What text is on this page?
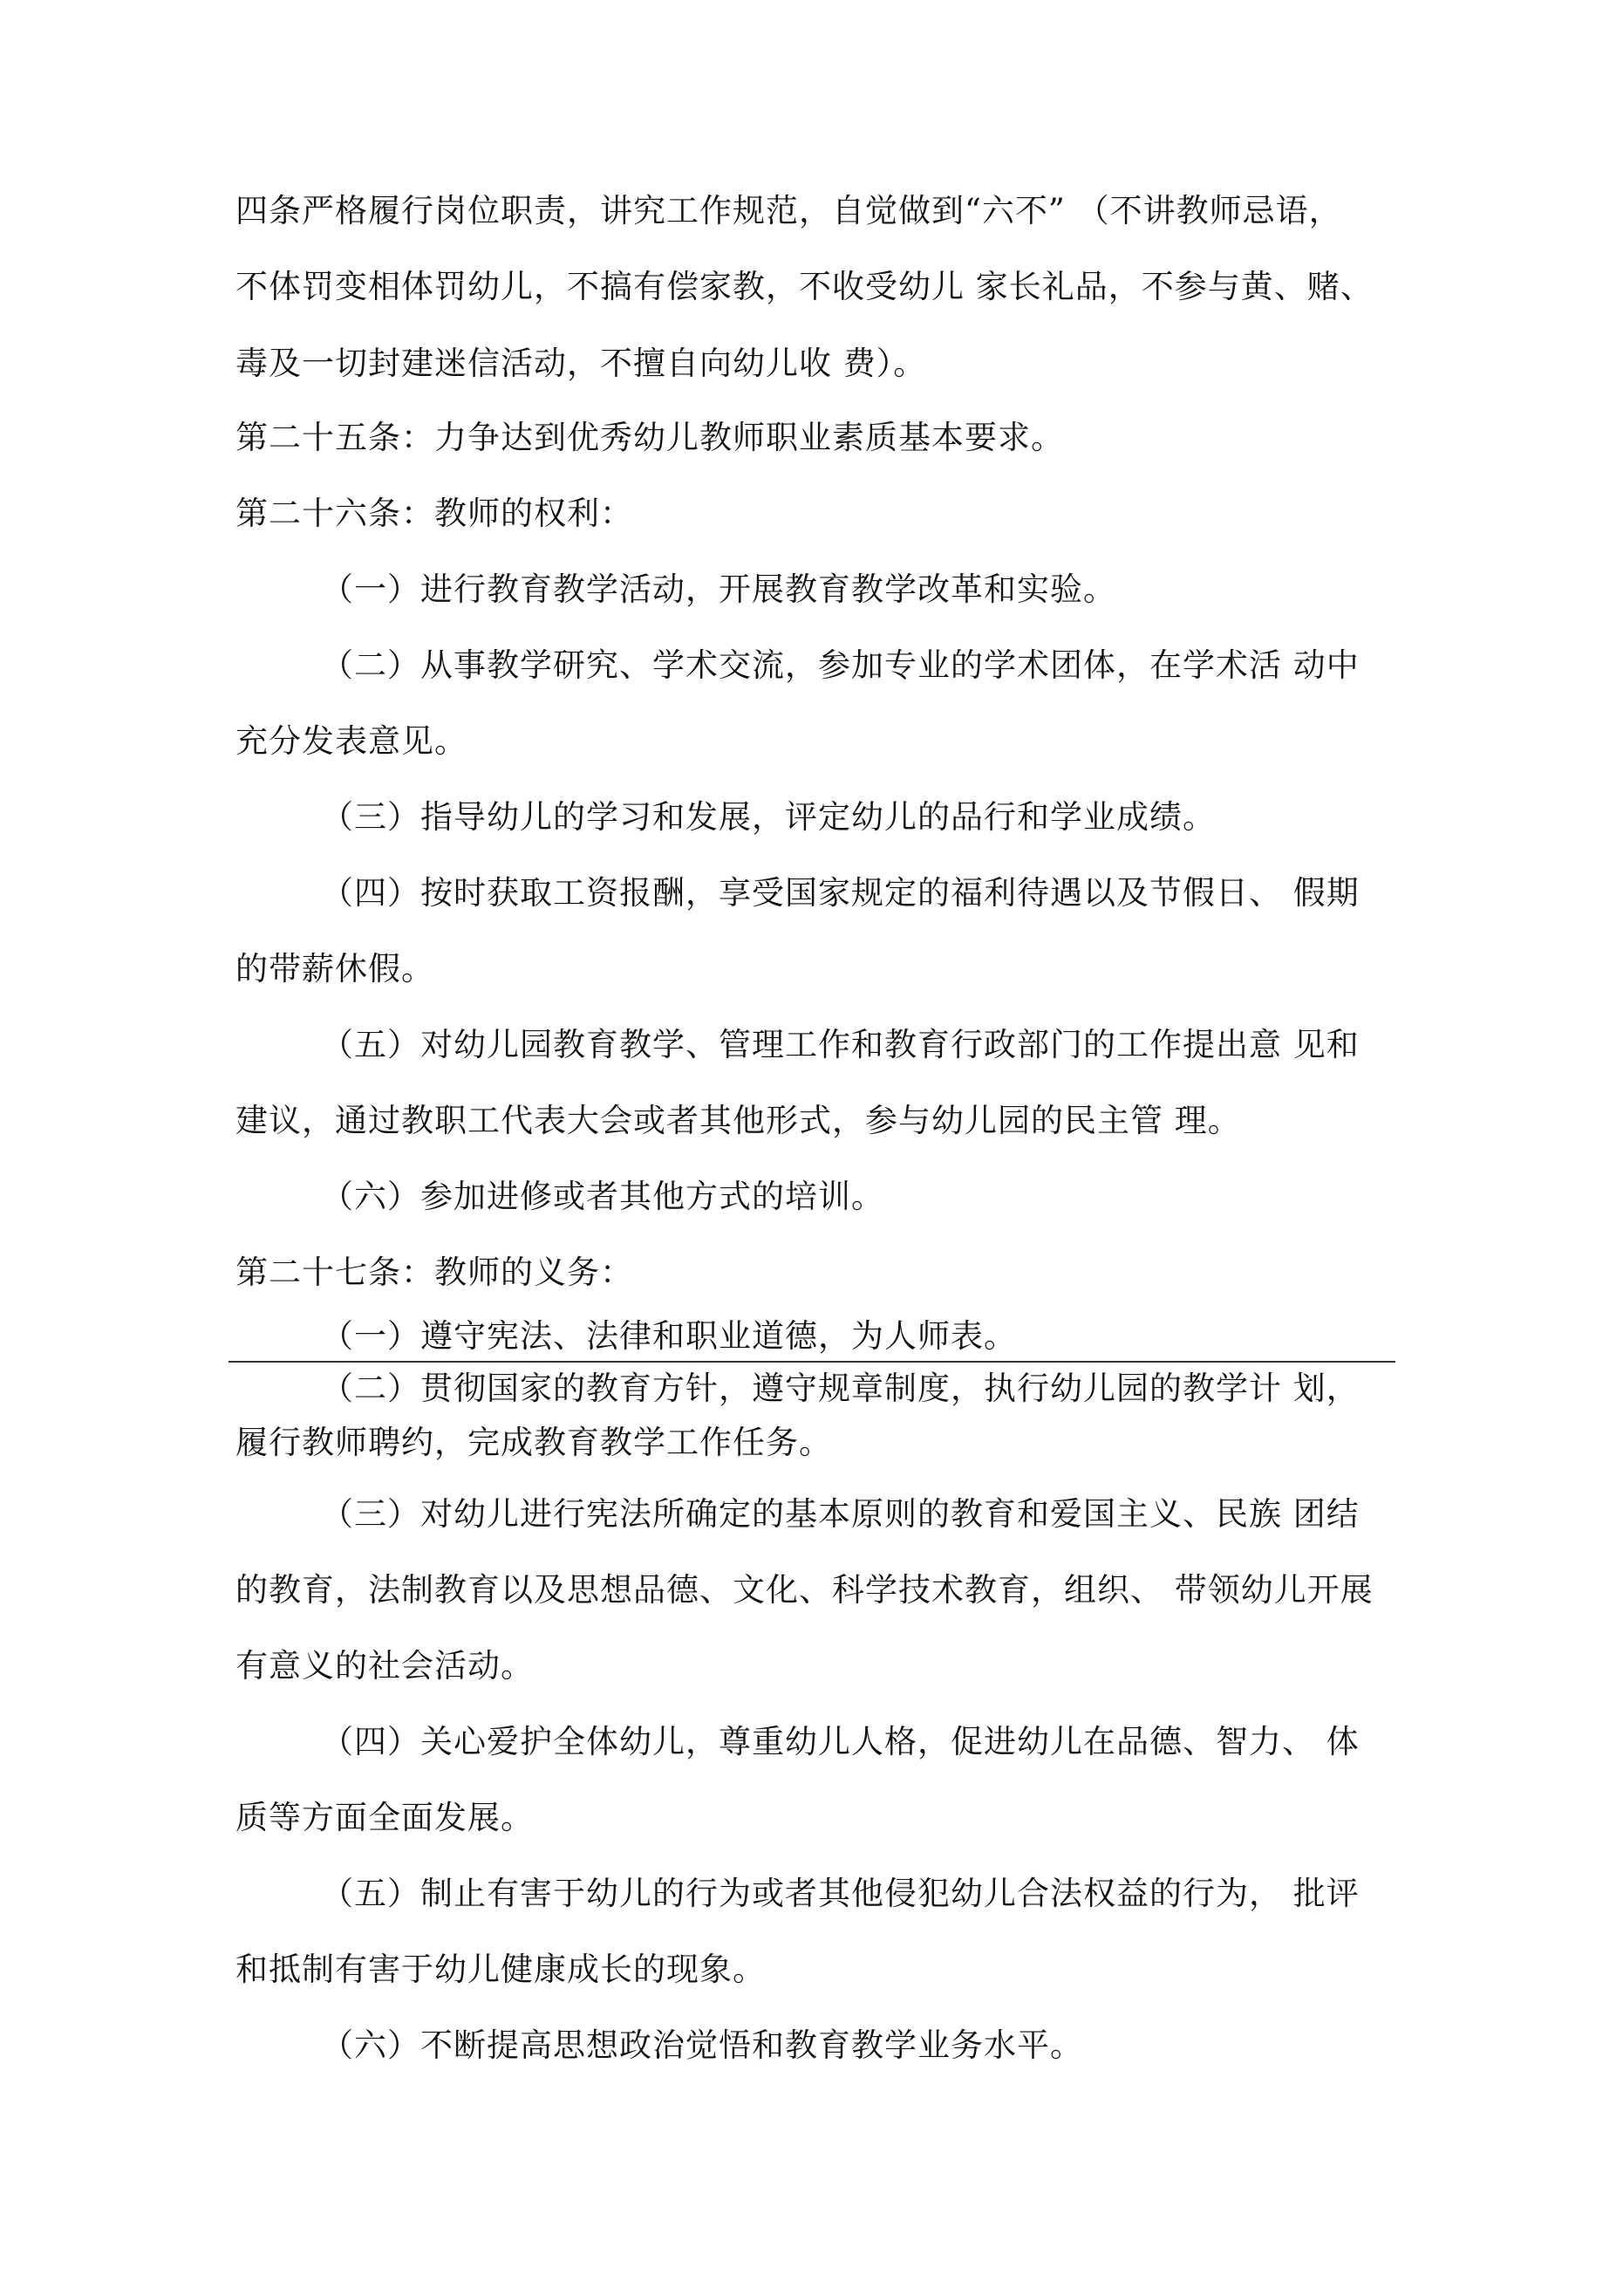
四条严格履行岗位职责，讲究工作规范，自觉做到“六不” （不讲教师忌语，
不体罚变相体罚幼儿，不搞有偿家教，不收受幼儿 家长礼品，不参与黄、赌、
毒及一切封建迷信活动，不擅自向幼儿收 费）。
第二十五条：力争达到优秀幼儿教师职业素质基本要求。
第二十六条：教师的权利：
（一）进行教育教学活动，开展教育教学改革和实验。
（二）从事教学研究、学术交流，参加专业的学术团体，在学术活 动中
充分发表意见。
（三）指导幼儿的学习和发展，评定幼儿的品行和学业成绩。
（四）按时获取工资报酬，享受国家规定的福利待遇以及节假日、 假期
的带薪休假。
（五）对幼儿园教育教学、管理工作和教育行政部门的工作提出意 见和
建议，通过教职工代表大会或者其他形式，参与幼儿园的民主管 理。
（六）参加进修或者其他方式的培训。
第二十七条：教师的义务：
（一）遵守宪法、法律和职业道德，为人师表。
（二）贯彻国家的教育方针，遵守规章制度，执行幼儿园的教学计 划，
履行教师聘约，完成教育教学工作任务。
（三）对幼儿进行宪法所确定的基本原则的教育和爱国主义、民族 团结
的教育，法制教育以及思想品德、文化、科学技术教育，组织、 带领幼儿开展
有意义的社会活动。
（四）关心爱护全体幼儿，尊重幼儿人格，促进幼儿在品德、智力、 体
质等方面全面发展。
（五）制止有害于幼儿的行为或者其他侵犯幼儿合法权益的行为， 批评
和抵制有害于幼儿健康成长的现象。
（六）不断提高思想政治觉悟和教育教学业务水平。
